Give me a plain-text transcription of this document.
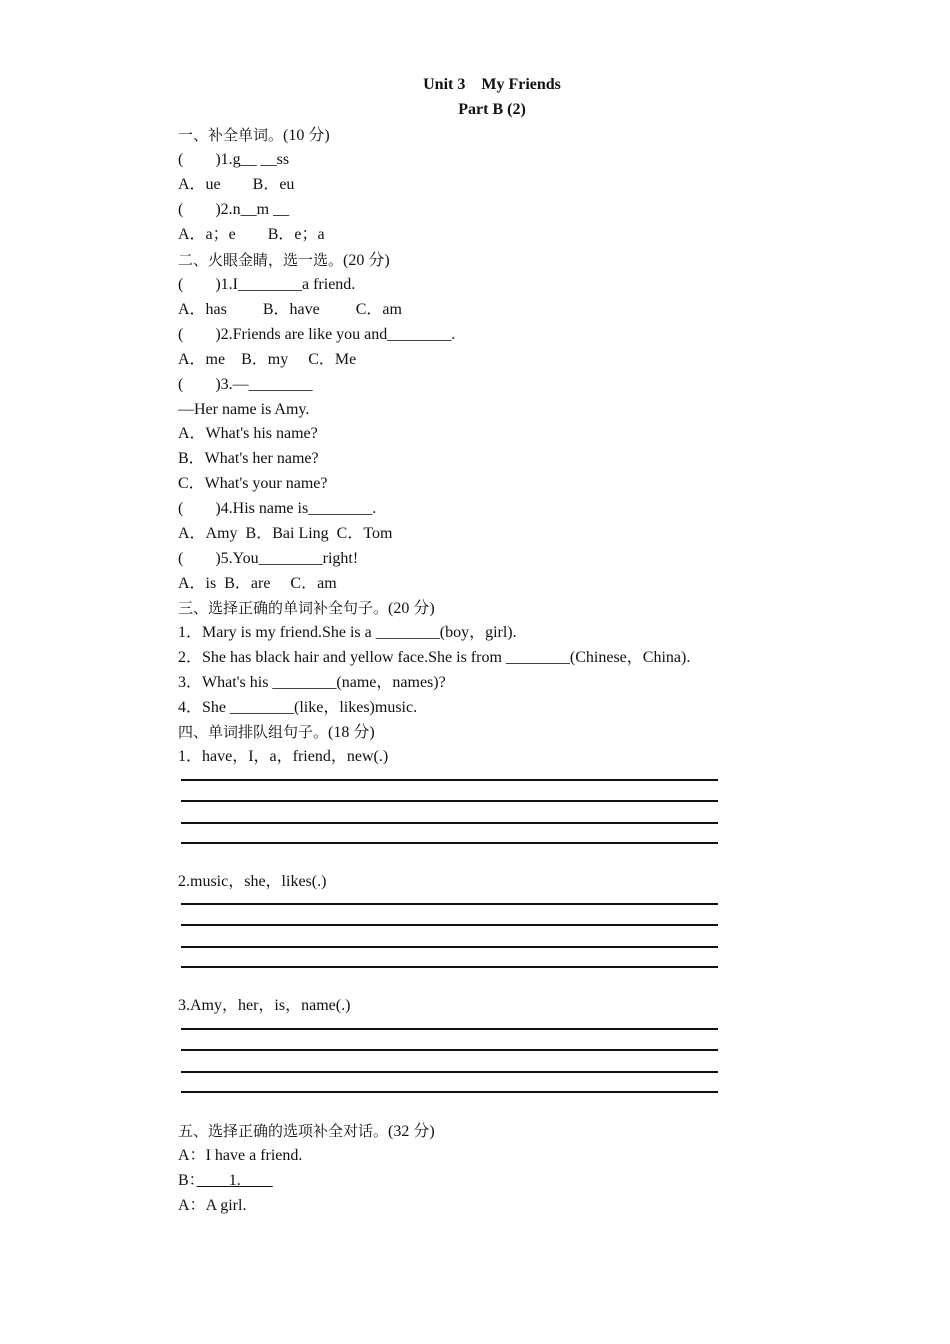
Unit 3　My Friends
Part B (2)
一、补全单词。(10 分)
(　　)1.g__ __ss
A．ue　　B．eu
(　　)2.n__m __
A．a；e　　B．e；a
二、火眼金睛，选一选。(20 分)
(　　)1.I________a friend.
A．has　　 B．have　　 C．am
(　　)2.Friends are like you and________.
A．me　B．my　 C．Me
(　　)3.—________
—Her name is Amy.
A．What's his name?
B．What's her name?
C．What's your name?
(　　)4.His name is________.
A．Amy  B．Bai Ling  C．Tom
(　　)5.You________right!
A．is  B．are　 C．am
三、选择正确的单词补全句子。(20 分)
1．Mary is my friend.She is a ________(boy，girl).
2．She has black hair and yellow face.She is from ________(Chinese，China).
3．What's his ________(name，names)?
4．She ________(like，likes)music.
四、单词排队组句子。(18 分)
1．have，I，a，friend，new(.)
2.music，she，likes(.)
3.Amy，her，is，name(.)
五、选择正确的选项补全对话。(32 分)
A：I have a friend.
B：　　1.　　
A：A girl.
